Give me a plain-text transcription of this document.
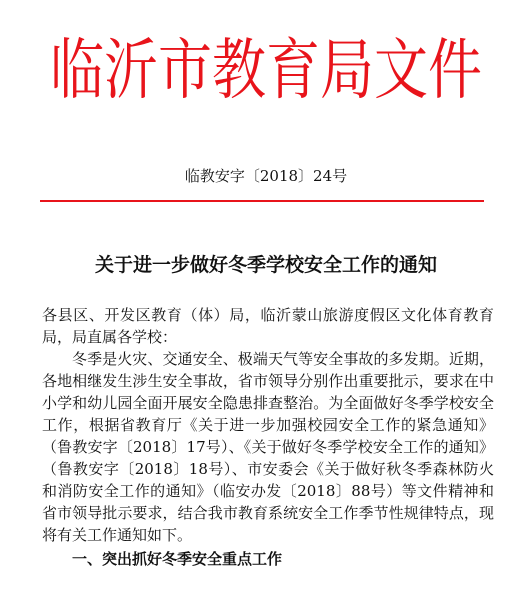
临沂市教育局文件
临教安字〔2018〕24号
关于进一步做好冬季学校安全工作的通知

各县区、开发区教育（体）局，临沂蒙山旅游度假区文化体育教育局，局直属各学校：

冬季是火灾、交通安全、极端天气等安全事故的多发期。近期，各地相继发生涉生安全事故，省市领导分别作出重要批示，要求在中小学和幼儿园全面开展安全隐患排查整治。为全面做好冬季学校安全工作，根据省教育厅《关于进一步加强校园安全工作的紧急通知》（鲁教安字〔2018〕17号）、《关于做好冬季学校安全工作的通知》（鲁教安字〔2018〕18号）、市安委会《关于做好秋冬季森林防火和消防安全工作的通知》（临安办发〔2018〕88号）等文件精神和省市领导批示要求，结合我市教育系统安全工作季节性规律特点，现将有关工作通知如下。

一、突出抓好冬季安全重点工作
